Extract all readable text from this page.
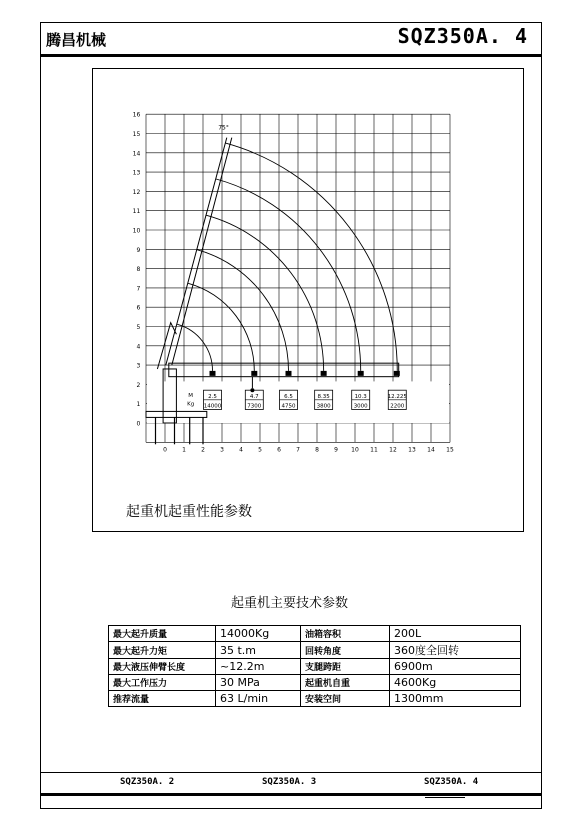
腾昌机械	SQZ350A. 4
0
1
2
3
4
5
6
7
8
9
10
11
12
13
14
15
16
0	1	2	3	4	5	6	7	8	9 10 11 12 13 14 15
75°
M
Kg
2.5
14000
4.7
7300
6.5
4750
8.35
3800
10.3
3000
12.225
2200
起重机起重性能参数
起重机主要技术参数
最大起升质量	14000Kg	油箱容积	200L
最大起升力矩	35 t.m	回转角度	360度全回转
最大液压伸臂长度	~12.2m	支腿跨距	6900m
最大工作压力	30 MPa	起重机自重	4600Kg
推荐流量	63 L/min	安装空间	1300mm
SQZ350A. 2	SQZ350A. 3	SQZ350A. 4
